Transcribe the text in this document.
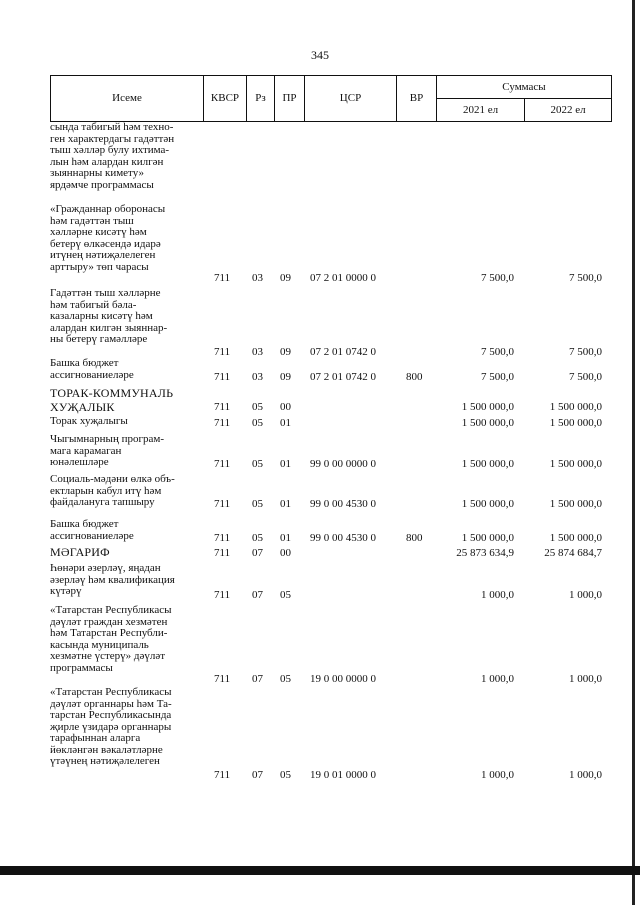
345
Исеме	КВСР	Рз	ПР	ЦСР	ВР
Суммасы
2021 ел	2022 ел
сында табигый һәм техно-
ген характердагы гадәттән
тыш хәлләр булу ихтима-
лын һәм алардан килгән
зыяннарны кимету»
ярдәмче программасы
«Гражданнар оборонасы
һәм гадәттән тыш
хәлләрне кисәтү һәм
бетерү өлкәсендә идарә
итүнең нәтиҗәлелеген
арттыру» төп чарасы
711 03 09 07 2 01 0000 0	7 500,0	7 500,0
Гадәттән тыш хәлләрне
һәм табигый бәла-
казаларны кисәтү һәм
алардан килгән зыяннар-
ны бетерү гамәлләре
711 03 09 07 2 01 0742 0	7 500,0	7 500,0
Башка бюджет
ассигнованиеләре	711 03 09 07 2 01 0742 0	800	7 500,0	7 500,0
ТОРАК-КОММУНАЛЬ
ХУҖАЛЫК	711 05 00	1 500 000,0	1 500 000,0
Торак хуҗалыгы	711 05 01	1 500 000,0	1 500 000,0
Чыгымнарның програм-
мага карамаган
юнәлешләре	711 05 01 99 0 00 0000 0	1 500 000,0	1 500 000,0
Социаль-мәдәни өлкә объ-
ектларын кабул итү һәм
файдалануга тапшыру	711 05 01 99 0 00 4530 0	1 500 000,0	1 500 000,0
Башка бюджет
ассигнованиеләре	711 05 01 99 0 00 4530 0	800	1 500 000,0	1 500 000,0
МӘГАРИФ	711 07 00	25 873 634,9	25 874 684,7
Һөнәри әзерләү, яңадан
әзерләү һәм квалификация
күтәрү	711 07 05	1 000,0	1 000,0
«Татарстан Республикасы
дәүләт граждан хезмәтен
һәм Татарстан Республи-
касында муниципаль
хезмәтне үстерү» дәүләт
программасы
711 07 05 19 0 00 0000 0	1 000,0	1 000,0
«Татарстан Республикасы
дәүләт органнары һәм Та-
тарстан Республикасында
җирле үзидарә органнары
тарафыннан аларга
йөкләнгән вәкаләтләрне
үтәүнең нәтиҗәлелеген
711 07 05 19 0 01 0000 0	1 000,0	1 000,0
